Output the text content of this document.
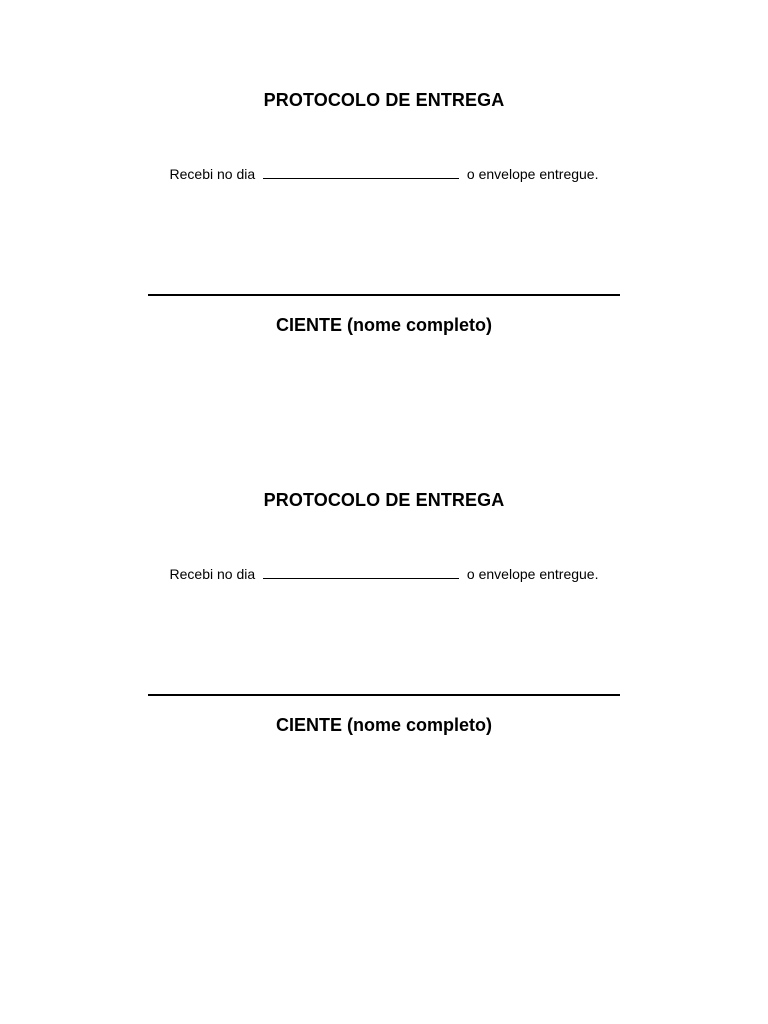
PROTOCOLO DE ENTREGA
Recebi no dia	o envelope entregue.
CIENTE (nome completo)
PROTOCOLO DE ENTREGA
Recebi no dia	o envelope entregue.
CIENTE (nome completo)
